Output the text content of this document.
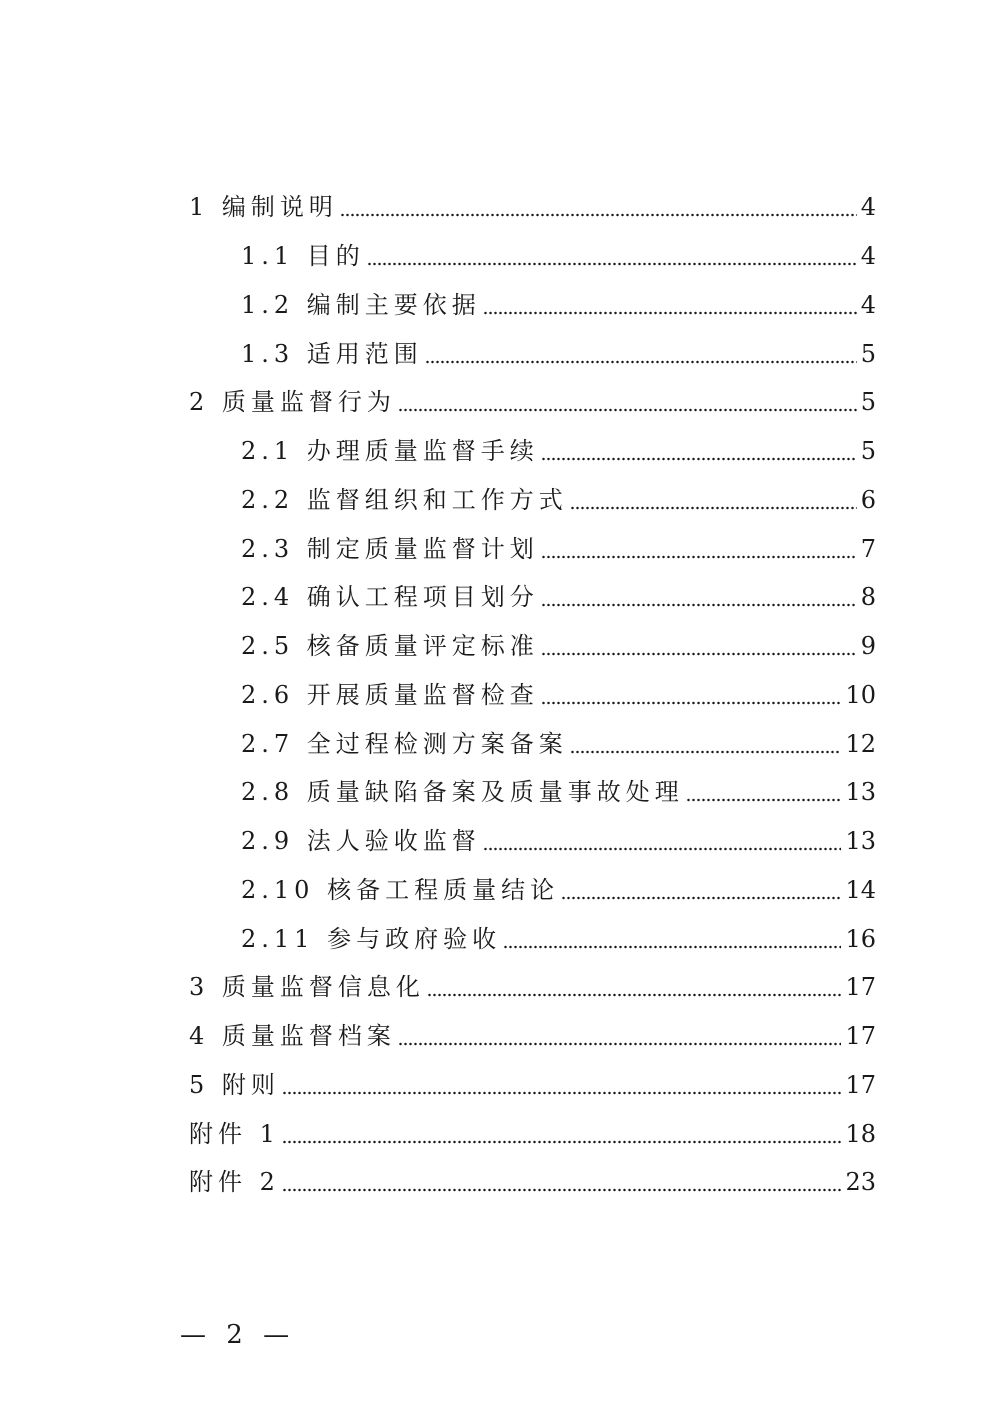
1 编制说明	4
1.1 目的	4
1.2 编制主要依据	4
1.3 适用范围	5
2 质量监督行为	5
2.1 办理质量监督手续	5
2.2 监督组织和工作方式	6
2.3 制定质量监督计划	7
2.4 确认工程项目划分	8
2.5 核备质量评定标准	9
2.6 开展质量监督检查	10
2.7 全过程检测方案备案	12
2.8 质量缺陷备案及质量事故处理	13
2.9 法人验收监督	13
2.10 核备工程质量结论	14
2.11 参与政府验收	16
3 质量监督信息化	17
4 质量监督档案	17
5 附则	17
附件 1	18
附件 2	23
— 2 —
